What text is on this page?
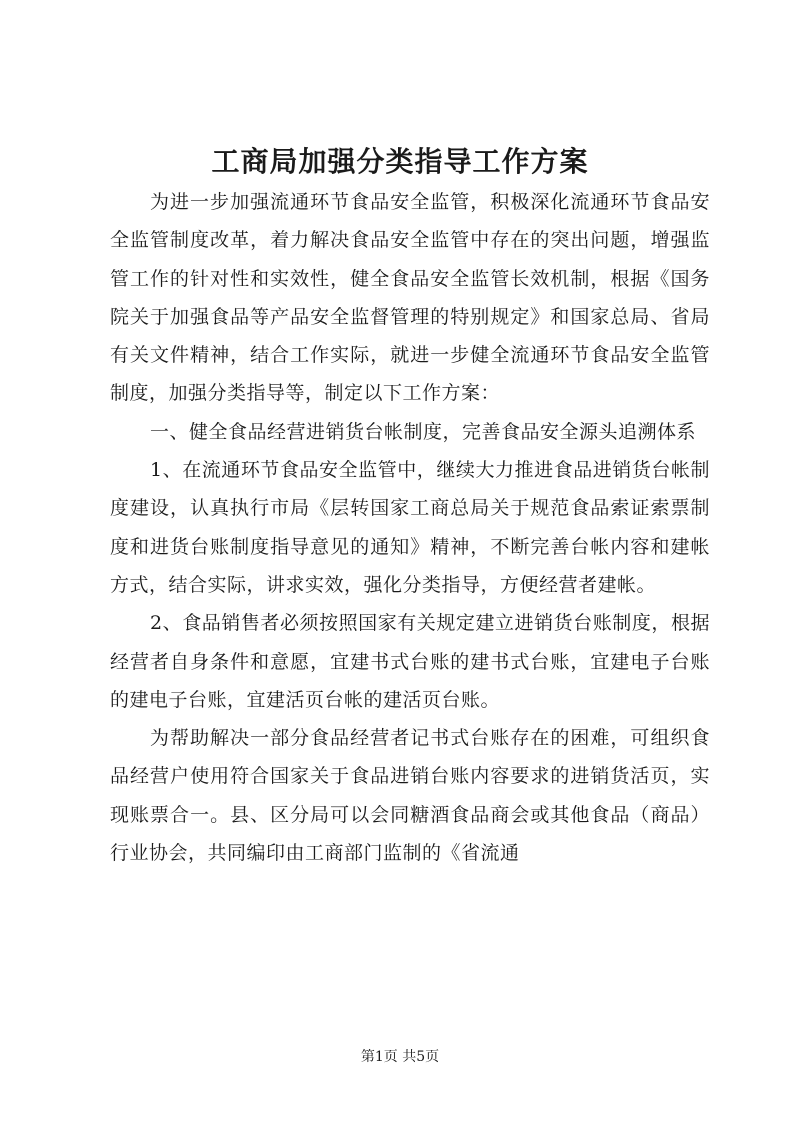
工商局加强分类指导工作方案

为进一步加强流通环节食品安全监管，积极深化流通环节食品安全监管制度改革，着力解决食品安全监管中存在的突出问题，增强监管工作的针对性和实效性，健全食品安全监管长效机制，根据《国务院关于加强食品等产品安全监督管理的特别规定》和国家总局、省局有关文件精神，结合工作实际，就进一步健全流通环节食品安全监管制度，加强分类指导等，制定以下工作方案：

一、健全食品经营进销货台帐制度，完善食品安全源头追溯体系

1、在流通环节食品安全监管中，继续大力推进食品进销货台帐制度建设，认真执行市局《层转国家工商总局关于规范食品索证索票制度和进货台账制度指导意见的通知》精神，不断完善台帐内容和建帐方式，结合实际，讲求实效，强化分类指导，方便经营者建帐。

2、食品销售者必须按照国家有关规定建立进销货台账制度，根据经营者自身条件和意愿，宜建书式台账的建书式台账，宜建电子台账的建电子台账，宜建活页台帐的建活页台账。

为帮助解决一部分食品经营者记书式台账存在的困难，可组织食品经营户使用符合国家关于食品进销台账内容要求的进销货活页，实现账票合一。县、区分局可以会同糖酒食品商会或其他食品（商品）行业协会，共同编印由工商部门监制的《省流通

第1页 共5页
